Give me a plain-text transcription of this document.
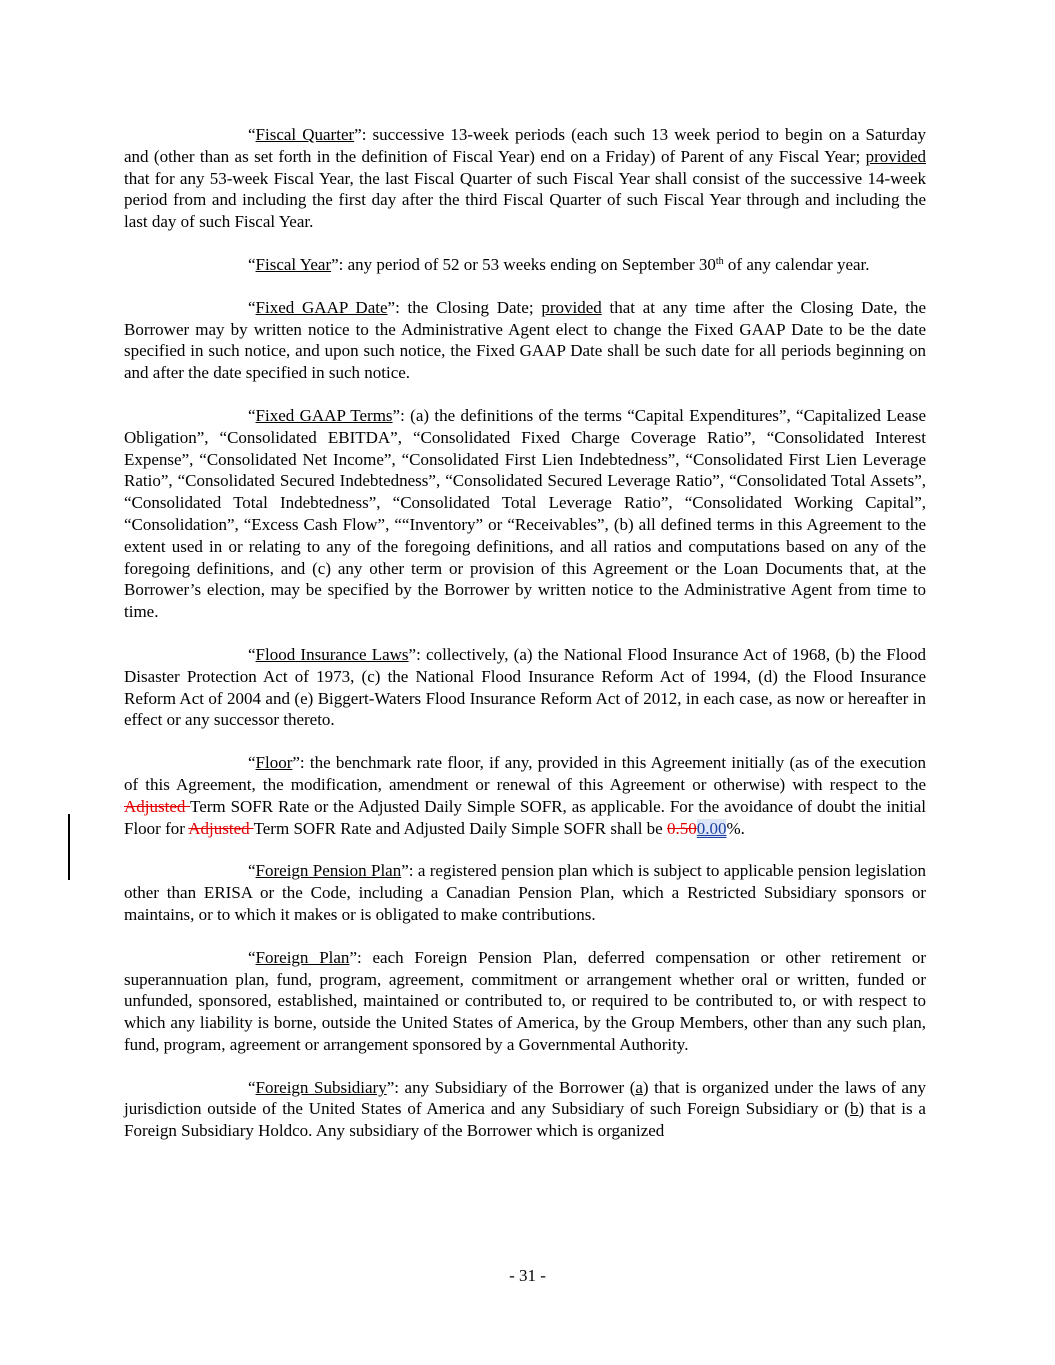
“Fiscal Quarter”: successive 13-week periods (each such 13 week period to begin on a Saturday and (other than as set forth in the definition of Fiscal Year) end on a Friday) of Parent of any Fiscal Year; provided that for any 53-week Fiscal Year, the last Fiscal Quarter of such Fiscal Year shall consist of the successive 14-week period from and including the first day after the third Fiscal Quarter of such Fiscal Year through and including the last day of such Fiscal Year.

“Fiscal Year”: any period of 52 or 53 weeks ending on September 30th of any calendar year.

“Fixed GAAP Date”: the Closing Date; provided that at any time after the Closing Date, the Borrower may by written notice to the Administrative Agent elect to change the Fixed GAAP Date to be the date specified in such notice, and upon such notice, the Fixed GAAP Date shall be such date for all periods beginning on and after the date specified in such notice.

“Fixed GAAP Terms”: (a) the definitions of the terms “Capital Expenditures”, “Capitalized Lease Obligation”, “Consolidated EBITDA”, “Consolidated Fixed Charge Coverage Ratio”, “Consolidated Interest Expense”, “Consolidated Net Income”, “Consolidated First Lien Indebtedness”, “Consolidated First Lien Leverage Ratio”, “Consolidated Secured Indebtedness”, “Consolidated Secured Leverage Ratio”, “Consolidated Total Assets”, “Consolidated Total Indebtedness”, “Consolidated Total Leverage Ratio”, “Consolidated Working Capital”, “Consolidation”, “Excess Cash Flow”, ““Inventory” or “Receivables”, (b) all defined terms in this Agreement to the extent used in or relating to any of the foregoing definitions, and all ratios and computations based on any of the foregoing definitions, and (c) any other term or provision of this Agreement or the Loan Documents that, at the Borrower’s election, may be specified by the Borrower by written notice to the Administrative Agent from time to time.

“Flood Insurance Laws”: collectively, (a) the National Flood Insurance Act of 1968, (b) the Flood Disaster Protection Act of 1973, (c) the National Flood Insurance Reform Act of 1994, (d) the Flood Insurance Reform Act of 2004 and (e) Biggert-Waters Flood Insurance Reform Act of 2012, in each case, as now or hereafter in effect or any successor thereto.

“Floor”: the benchmark rate floor, if any, provided in this Agreement initially (as of the execution of this Agreement, the modification, amendment or renewal of this Agreement or otherwise) with respect to the Adjusted Term SOFR Rate or the Adjusted Daily Simple SOFR, as applicable. For the avoidance of doubt the initial Floor for Adjusted Term SOFR Rate and Adjusted Daily Simple SOFR shall be 0.500.00%.

“Foreign Pension Plan”: a registered pension plan which is subject to applicable pension legislation other than ERISA or the Code, including a Canadian Pension Plan, which a Restricted Subsidiary sponsors or maintains, or to which it makes or is obligated to make contributions.

“Foreign Plan”: each Foreign Pension Plan, deferred compensation or other retirement or superannuation plan, fund, program, agreement, commitment or arrangement whether oral or written, funded or unfunded, sponsored, established, maintained or contributed to, or required to be contributed to, or with respect to which any liability is borne, outside the United States of America, by the Group Members, other than any such plan, fund, program, agreement or arrangement sponsored by a Governmental Authority.

“Foreign Subsidiary”: any Subsidiary of the Borrower (a) that is organized under the laws of any jurisdiction outside of the United States of America and any Subsidiary of such Foreign Subsidiary or (b) that is a Foreign Subsidiary Holdco. Any subsidiary of the Borrower which is organized

- 31 -
